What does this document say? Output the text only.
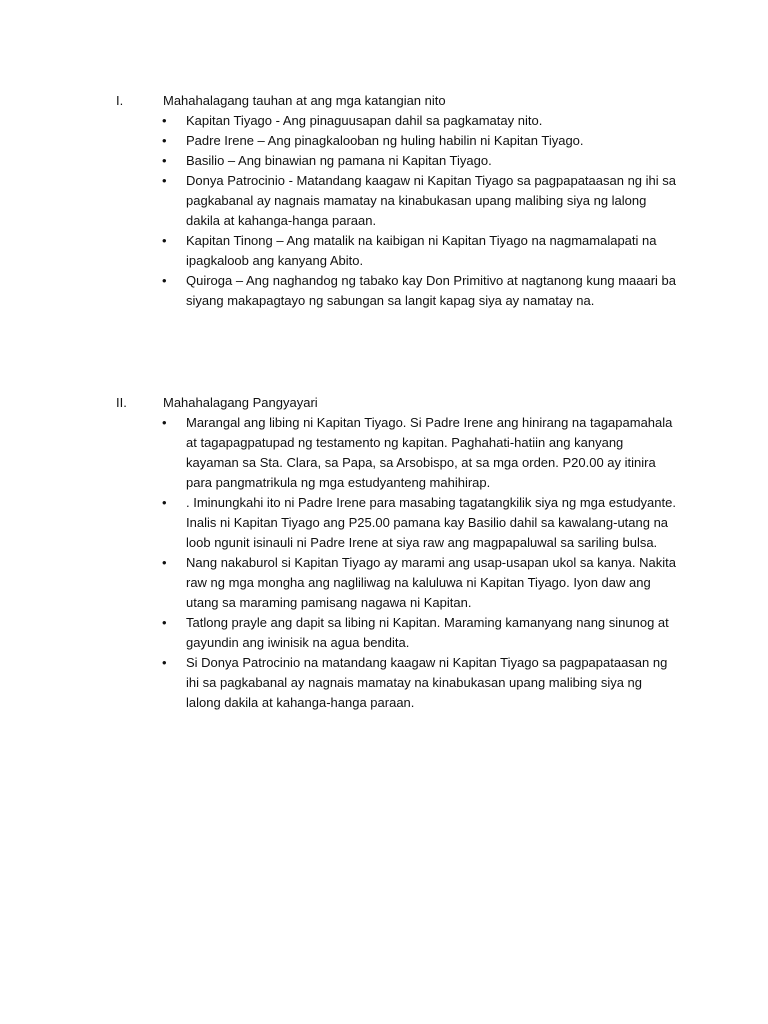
I.	Mahahalagang tauhan at ang mga katangian nito
• Kapitan Tiyago - Ang pinaguusapan dahil sa pagkamatay nito.
• Padre Irene – Ang pinagkalooban ng huling habilin ni Kapitan Tiyago.
• Basilio – Ang binawian ng pamana ni Kapitan Tiyago.
• Donya Patrocinio - Matandang kaagaw ni Kapitan Tiyago sa pagpapataasan ng ihi sa pagkabanal ay nagnais mamatay na kinabukasan upang malibing siya ng lalong dakila at kahanga-hanga paraan.
• Kapitan Tinong – Ang matalik na kaibigan ni Kapitan Tiyago na nagmamalapati na ipagkaloob ang kanyang Abito.
• Quiroga – Ang naghandog ng tabako kay Don Primitivo at nagtanong kung maaari ba siyang makapagtayo ng sabungan sa langit kapag siya ay namatay na.
II.	Mahahalagang Pangyayari
• Marangal ang libing ni Kapitan Tiyago. Si Padre Irene ang hinirang na tagapamahala at tagapagpatupad ng testamento ng kapitan. Paghahati-hatiin ang kanyang kayaman sa Sta. Clara, sa Papa, sa Arsobispo, at sa mga orden. P20.00 ay itinira para pangmatrikula ng mga estudyanteng mahihirap.
• . Iminungkahi ito ni Padre Irene para masabing tagatangkilik siya ng mga estudyante. Inalis ni Kapitan Tiyago ang P25.00 pamana kay Basilio dahil sa kawalang-utang na loob ngunit isinauli ni Padre Irene at siya raw ang magpapaluwal sa sariling bulsa.
• Nang nakaburol si Kapitan Tiyago ay marami ang usap-usapan ukol sa kanya. Nakita raw ng mga mongha ang nagliliwag na kaluluwa ni Kapitan Tiyago. Iyon daw ang utang sa maraming pamisang nagawa ni Kapitan.
• Tatlong prayle ang dapit sa libing ni Kapitan. Maraming kamanyang nang sinunog at gayundin ang iwinisik na agua bendita.
• Si Donya Patrocinio na matandang kaagaw ni Kapitan Tiyago sa pagpapataasan ng ihi sa pagkabanal ay nagnais mamatay na kinabukasan upang malibing siya ng lalong dakila at kahanga-hanga paraan.
